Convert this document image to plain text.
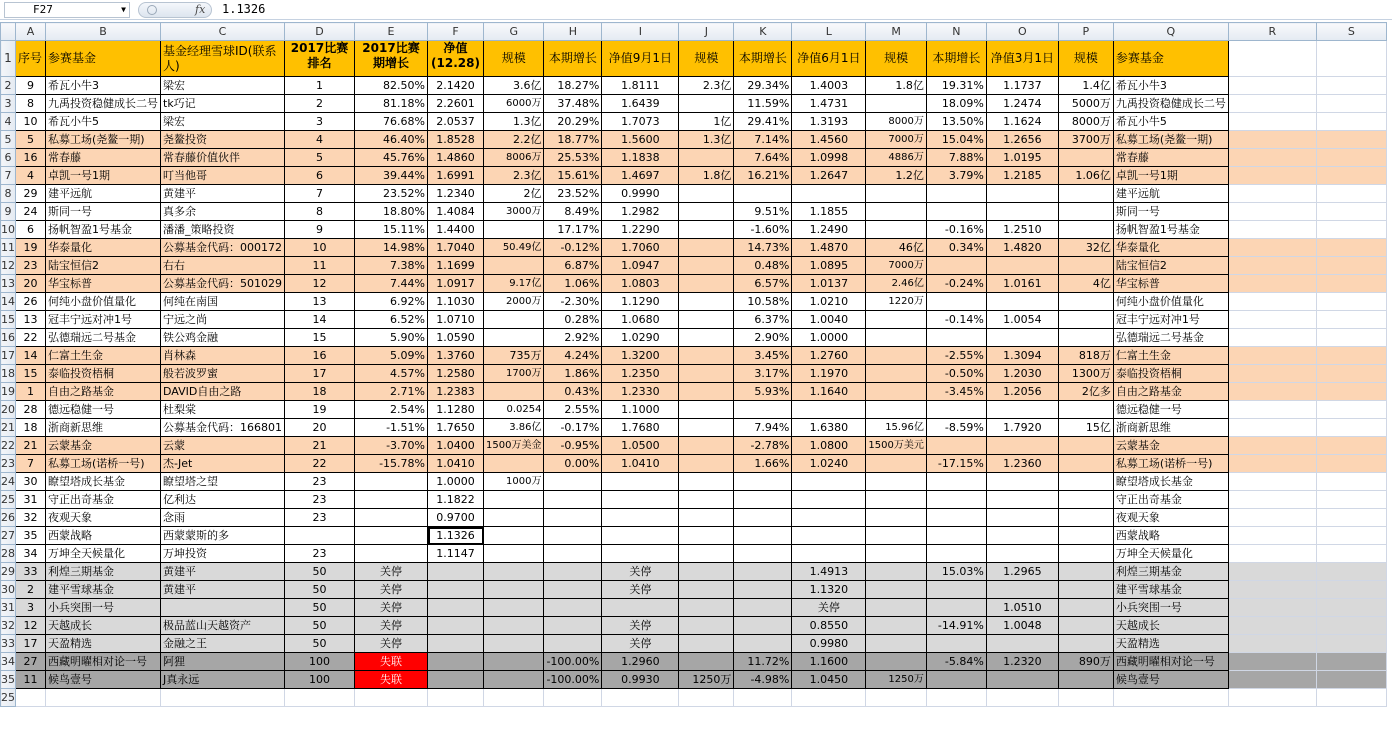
F27	▼	fx 1.1326
	A	B	C	D	E	F	G	H	I	J	K	L	M	N	O	P	Q	R	S
1	序号	参赛基金	基金经理雪球ID(联系人)	2017比赛排名	2017比赛期增长	净值(12.28)	规模	本期增长	净值9月1日	规模	本期增长	净值6月1日	规模	本期增长	净值3月1日	规模	参赛基金		
2	9	希瓦小牛3	梁宏	1	82.50%	2.1420	3.6亿	18.27%	1.8111	2.3亿	29.34%	1.4003	1.8亿	19.31%	1.1737	1.4亿	希瓦小牛3		
3	8	九禹投资稳健成长二号	tk巧记	2	81.18%	2.2601	6000万	37.48%	1.6439		11.59%	1.4731		18.09%	1.2474	5000万	九禹投资稳健成长二号		
4	10	希瓦小牛5	梁宏	3	76.68%	2.0537	1.3亿	20.29%	1.7073	1亿	29.41%	1.3193	8000万	13.50%	1.1624	8000万	希瓦小牛5		
5	5	私募工场(尧鳌一期)	尧鳌投资	4	46.40%	1.8528	2.2亿	18.77%	1.5600	1.3亿	7.14%	1.4560	7000万	15.04%	1.2656	3700万	私募工场(尧鳌一期)		
6	16	常春藤	常春藤价值伙伴	5	45.76%	1.4860	8006万	25.53%	1.1838		7.64%	1.0998	4886万	7.88%	1.0195		常春藤		
7	4	卓凯一号1期	叮当他哥	6	39.44%	1.6991	2.3亿	15.61%	1.4697	1.8亿	16.21%	1.2647	1.2亿	3.79%	1.2185	1.06亿	卓凯一号1期		
8	29	建平远航	黄建平	7	23.52%	1.2340	2亿	23.52%	0.9990								建平远航		
9	24	斯同一号	真多余	8	18.80%	1.4084	3000万	8.49%	1.2982		9.51%	1.1855					斯同一号		
10	6	扬帆智盈1号基金	潘潘_策略投资	9	15.11%	1.4400		17.17%	1.2290		-1.60%	1.2490		-0.16%	1.2510		扬帆智盈1号基金		
11	19	华泰量化	公募基金代码：000172	10	14.98%	1.7040	50.49亿	-0.12%	1.7060		14.73%	1.4870	46亿	0.34%	1.4820	32亿	华泰量化		
12	23	陆宝恒信2	右右	11	7.38%	1.1699		6.87%	1.0947		0.48%	1.0895	7000万				陆宝恒信2		
13	20	华宝标普	公募基金代码：501029	12	7.44%	1.0917	9.17亿	1.06%	1.0803		6.57%	1.0137	2.46亿	-0.24%	1.0161	4亿	华宝标普		
14	26	何纯小盘价值量化	何纯在南国	13	6.92%	1.1030	2000万	-2.30%	1.1290		10.58%	1.0210	1220万				何纯小盘价值量化		
15	13	冠丰宁远对冲1号	宁远之尚	14	6.52%	1.0710		0.28%	1.0680		6.37%	1.0040		-0.14%	1.0054		冠丰宁远对冲1号		
16	22	弘德瑞远二号基金	铁公鸡金融	15	5.90%	1.0590		2.92%	1.0290		2.90%	1.0000					弘德瑞远二号基金		
17	14	仁富土生金	肖林森	16	5.09%	1.3760	735万	4.24%	1.3200		3.45%	1.2760		-2.55%	1.3094	818万	仁富土生金		
18	15	泰临投资梧桐	般若波罗蜜	17	4.57%	1.2580	1700万	1.86%	1.2350		3.17%	1.1970		-0.50%	1.2030	1300万	泰临投资梧桐		
19	1	自由之路基金	DAVID自由之路	18	2.71%	1.2383		0.43%	1.2330		5.93%	1.1640		-3.45%	1.2056	2亿多	自由之路基金		
20	28	德远稳健一号	杜梨棠	19	2.54%	1.1280	0.0254	2.55%	1.1000								德远稳健一号		
21	18	浙商新思维	公募基金代码：166801	20	-1.51%	1.7650	3.86亿	-0.17%	1.7680		7.94%	1.6380	15.96亿	-8.59%	1.7920	15亿	浙商新思维		
22	21	云蒙基金	云蒙	21	-3.70%	1.0400	1500万美金	-0.95%	1.0500		-2.78%	1.0800	1500万美元				云蒙基金		
23	7	私募工场(诺桥一号)	杰-Jet	22	-15.78%	1.0410		0.00%	1.0410		1.66%	1.0240		-17.15%	1.2360		私募工场(诺桥一号)		
24	30	瞭望塔成长基金	瞭望塔之望	23		1.0000	1000万										瞭望塔成长基金		
25	31	守正出奇基金	亿利达	23		1.1822											守正出奇基金		
26	32	夜观天象	念雨	23		0.9700											夜观天象		
27	35	西蒙战略	西蒙蒙斯的多			1.1326											西蒙战略		
28	34	万坤全天候量化	万坤投资	23		1.1147											万坤全天候量化		
29	33	利煌三期基金	黄建平	50	关停				关停			1.4913		15.03%	1.2965		利煌三期基金		
30	2	建平雪球基金	黄建平	50	关停				关停			1.1320					建平雪球基金		
31	3	小兵突围一号		50	关停							关停			1.0510		小兵突围一号		
32	12	天越成长	极品蓝山天越资产	50	关停				关停			0.8550		-14.91%	1.0048		天越成长		
33	17	天盈精选	金融之王	50	关停				关停			0.9980					天盈精选		
34	27	西藏明曜相对论一号	阿狸	100	失联			-100.00%	1.2960		11.72%	1.1600		-5.84%	1.2320	890万	西藏明曜相对论一号		
35	11	候鸟壹号	J真永远	100	失联			-100.00%	0.9930	1250万	-4.98%	1.0450	1250万				候鸟壹号		
25																			
